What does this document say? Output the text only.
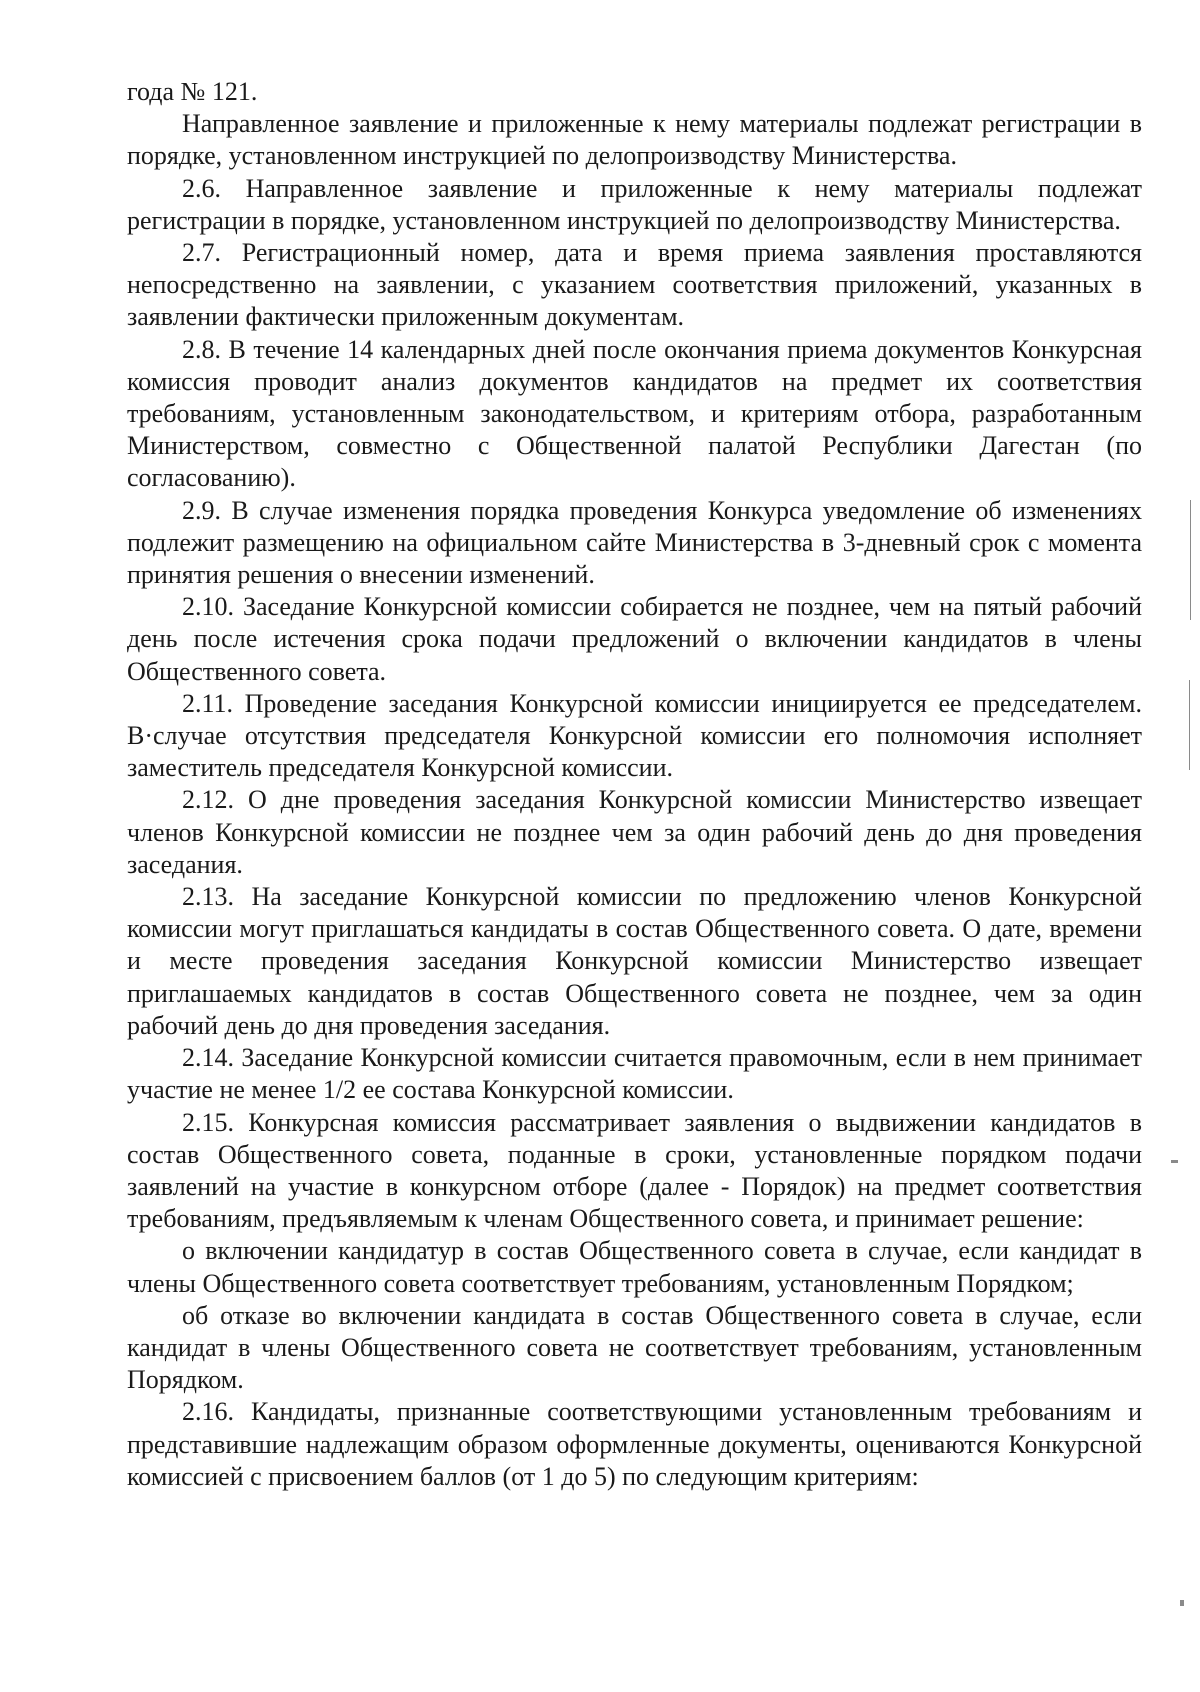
года № 121.

Направленное заявление и приложенные к нему материалы подлежат регистрации в порядке, установленном инструкцией по делопроизводству Министерства.

2.6. Направленное заявление и приложенные к нему материалы подлежат регистрации в порядке, установленном инструкцией по делопроизводству Министерства.

2.7. Регистрационный номер, дата и время приема заявления проставляются непосредственно на заявлении, с указанием соответствия приложений, указанных в заявлении фактически приложенным документам.

2.8. В течение 14 календарных дней после окончания приема документов Конкурсная комиссия проводит анализ документов кандидатов на предмет их соответствия требованиям, установленным законодательством, и критериям отбора, разработанным Министерством, совместно с Общественной палатой Республики Дагестан (по согласованию).

2.9. В случае изменения порядка проведения Конкурса уведомление об изменениях подлежит размещению на официальном сайте Министерства в 3-дневный срок с момента принятия решения о внесении изменений.

2.10. Заседание Конкурсной комиссии собирается не позднее, чем на пятый рабочий день после истечения срока подачи предложений о включении кандидатов в члены Общественного совета.

2.11. Проведение заседания Конкурсной комиссии инициируется ее председателем. В·случае отсутствия председателя Конкурсной комиссии его полномочия исполняет заместитель председателя Конкурсной комиссии.

2.12. О дне проведения заседания Конкурсной комиссии Министерство извещает членов Конкурсной комиссии не позднее чем за один рабочий день до дня проведения заседания.

2.13. На заседание Конкурсной комиссии по предложению членов Конкурсной комиссии могут приглашаться кандидаты в состав Общественного совета. О дате, времени и месте проведения заседания Конкурсной комиссии Министерство извещает приглашаемых кандидатов в состав Общественного совета не позднее, чем за один рабочий день до дня проведения заседания.

2.14. Заседание Конкурсной комиссии считается правомочным, если в нем принимает участие не менее 1/2 ее состава Конкурсной комиссии.

2.15. Конкурсная комиссия рассматривает заявления о выдвижении кандидатов в состав Общественного совета, поданные в сроки, установленные порядком подачи заявлений на участие в конкурсном отборе (далее - Порядок) на предмет соответствия требованиям, предъявляемым к членам Общественного совета, и принимает решение:

о включении кандидатур в состав Общественного совета в случае, если кандидат в члены Общественного совета соответствует требованиям, установленным Порядком;

об отказе во включении кандидата в состав Общественного совета в случае, если кандидат в члены Общественного совета не соответствует требованиям, установленным Порядком.

2.16. Кандидаты, признанные соответствующими установленным требованиям и представившие надлежащим образом оформленные документы, оцениваются Конкурсной комиссией с присвоением баллов (от 1 до 5) по следующим критериям:
